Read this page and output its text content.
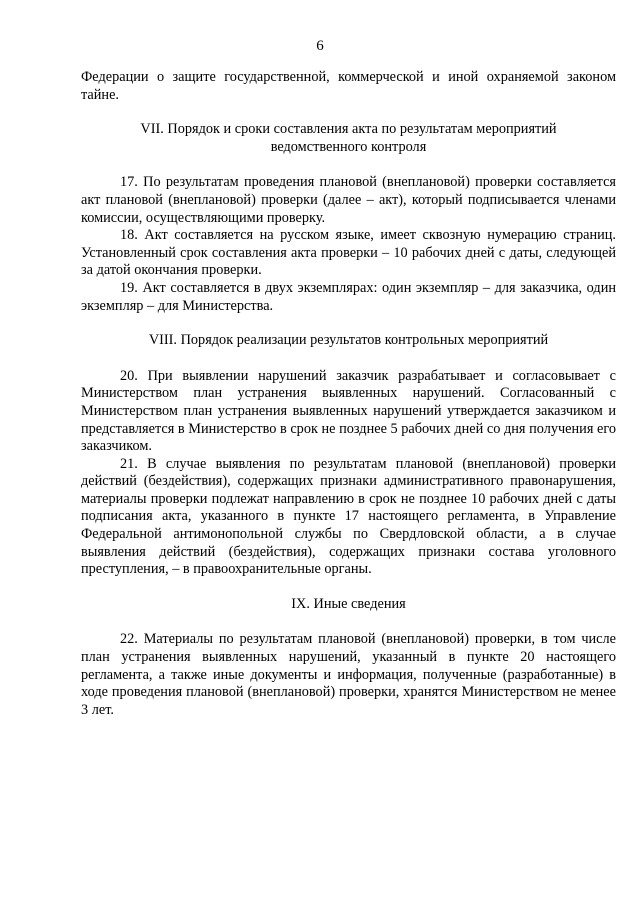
6

Федерации о защите государственной, коммерческой и иной охраняемой законом тайне.

VII. Порядок и сроки составления акта по результатам мероприятий

ведомственного контроля

17. По результатам проведения плановой (внеплановой) проверки составляется акт плановой (внеплановой) проверки (далее – акт), который подписывается членами комиссии, осуществляющими проверку.

18. Акт составляется на русском языке, имеет сквозную нумерацию страниц. Установленный срок составления акта проверки – 10 рабочих дней с даты, следующей за датой окончания проверки.

19. Акт составляется в двух экземплярах: один экземпляр – для заказчика, один экземпляр – для Министерства.

VIII. Порядок реализации результатов контрольных мероприятий

20. При выявлении нарушений заказчик разрабатывает и согласовывает с Министерством план устранения выявленных нарушений. Согласованный с Министерством план устранения выявленных нарушений утверждается заказчиком и представляется в Министерство в срок не позднее 5 рабочих дней со дня получения его заказчиком.

21. В случае выявления по результатам плановой (внеплановой) проверки действий (бездействия), содержащих признаки административного правонарушения, материалы проверки подлежат направлению в срок не позднее 10 рабочих дней с даты подписания акта, указанного в пункте 17 настоящего регламента, в Управление Федеральной антимонопольной службы по Свердловской области, а в случае выявления действий (бездействия), содержащих признаки состава уголовного преступления, – в правоохранительные органы.

IX. Иные сведения

22. Материалы по результатам плановой (внеплановой) проверки, в том числе план устранения выявленных нарушений, указанный в пункте 20 настоящего регламента, а также иные документы и информация, полученные (разработанные) в ходе проведения плановой (внеплановой) проверки, хранятся Министерством не менее 3 лет.
